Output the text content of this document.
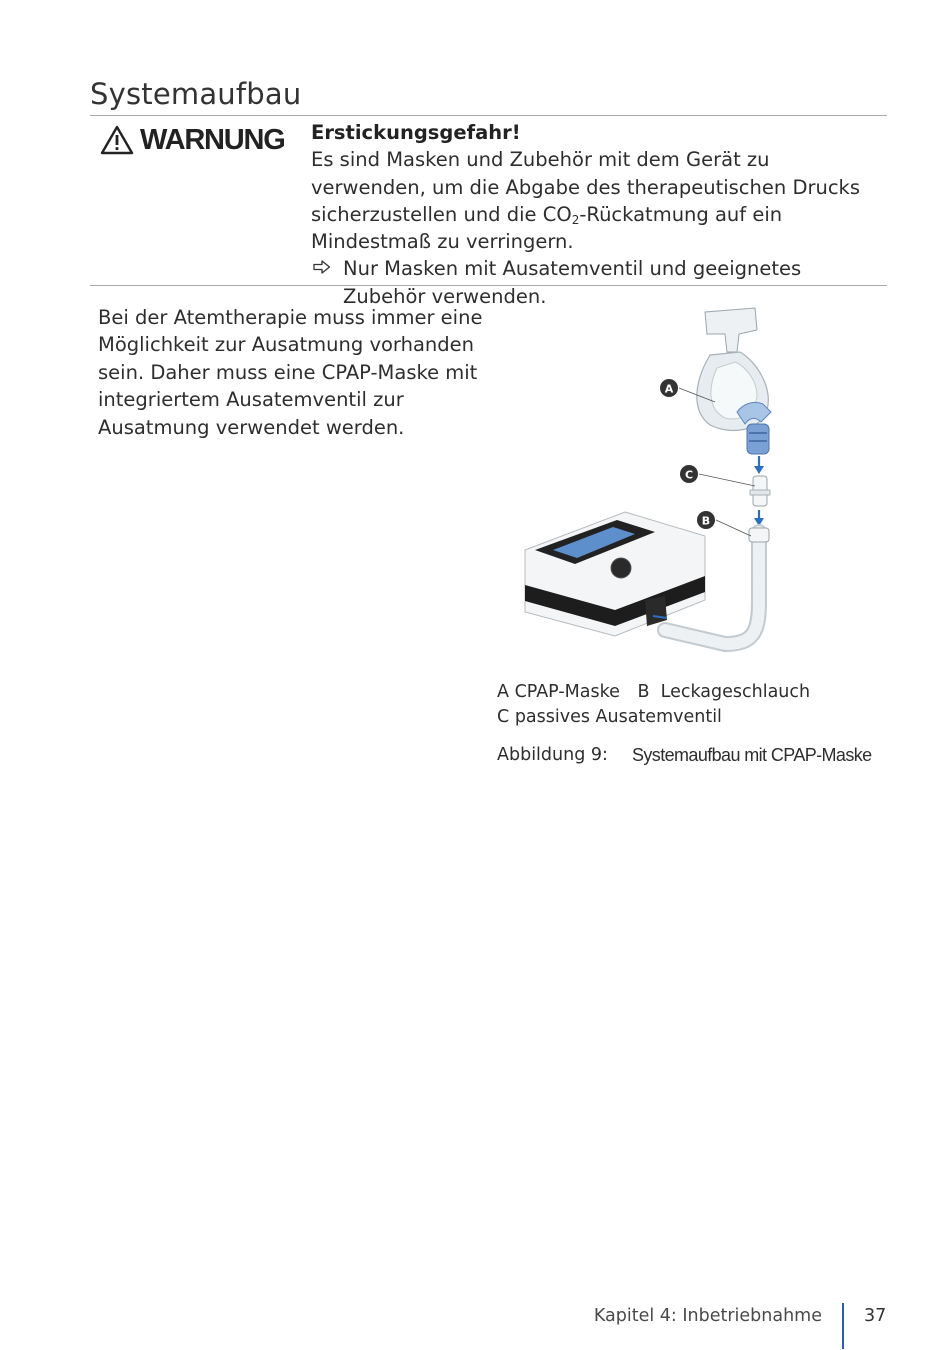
Systemaufbau
WARNUNG Erstickungsgefahr!

Es sind Masken und Zubehör mit dem Gerät zu verwenden, um die Abgabe des therapeutischen Drucks sicherzustellen und die $CO_2$-Rückatmung auf ein Mindestmaß zu verringern.

Nur Masken mit Ausatemventil und geeignetes Zubehör verwenden.

Bei der Atemtherapie muss immer eine Möglichkeit zur Ausatmung vorhanden sein. Daher muss eine CPAP-Maske mit integriertem Ausatemventil zur Ausatmung verwendet werden.

A
C
B
A CPAP-Maske B Leckageschlauch
C passives Ausatemventil
Abbildung 9:	Systemaufbau mit CPAP-Maske
Kapitel 4: Inbetriebnahme 37
